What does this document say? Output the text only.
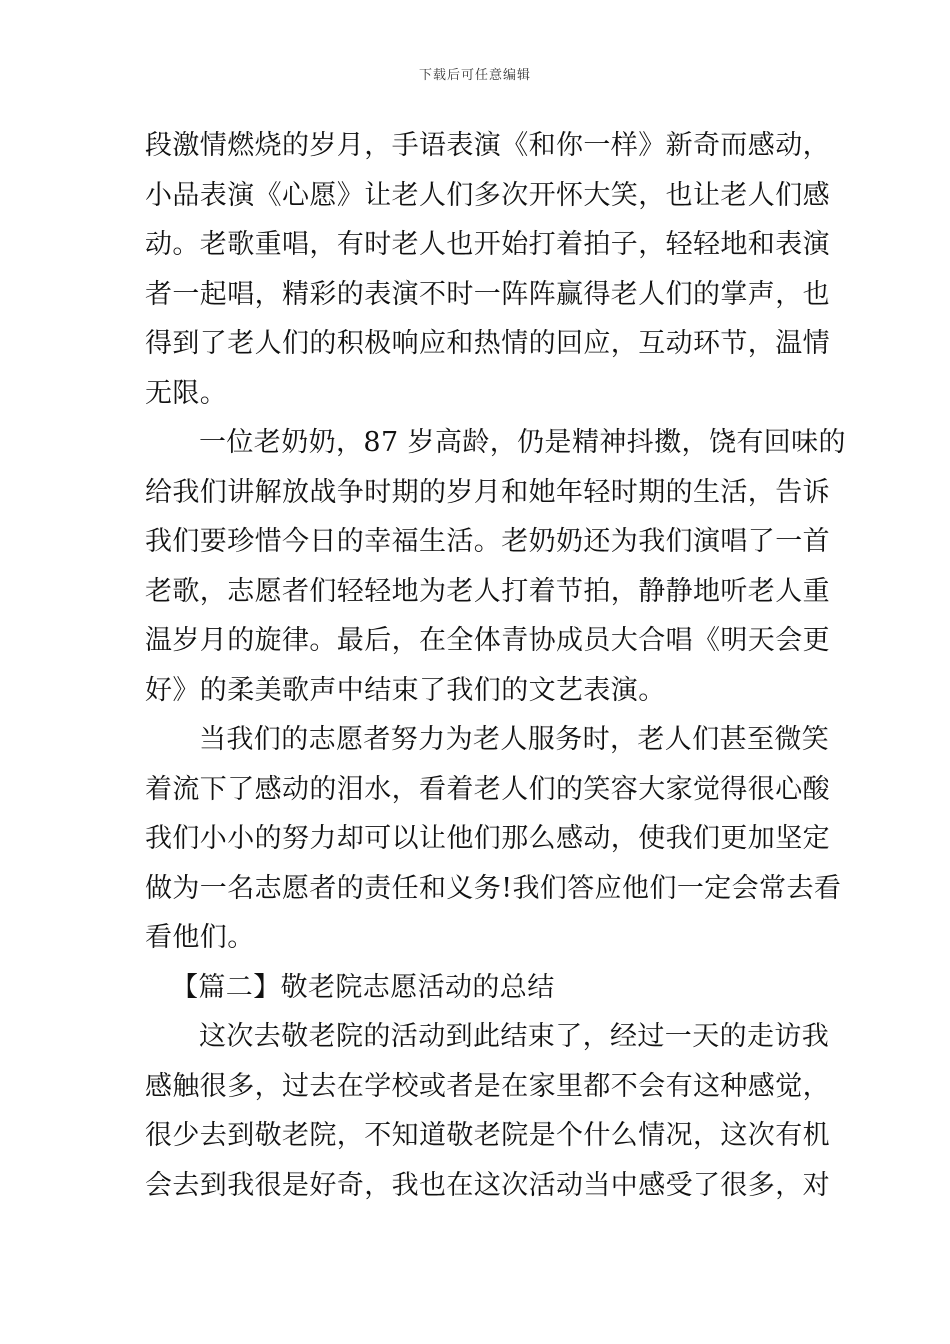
下载后可任意编辑
段激情燃烧的岁月，手语表演《和你一样》新奇而感动，
小品表演《心愿》让老人们多次开怀大笑，也让老人们感
动。老歌重唱，有时老人也开始打着拍子，轻轻地和表演
者一起唱，精彩的表演不时一阵阵赢得老人们的掌声，也
得到了老人们的积极响应和热情的回应，互动环节，温情
无限。
一位老奶奶，87 岁高龄，仍是精神抖擞，饶有回味的
给我们讲解放战争时期的岁月和她年轻时期的生活，告诉
我们要珍惜今日的幸福生活。老奶奶还为我们演唱了一首
老歌，志愿者们轻轻地为老人打着节拍，静静地听老人重
温岁月的旋律。最后，在全体青协成员大合唱《明天会更
好》的柔美歌声中结束了我们的文艺表演。
当我们的志愿者努力为老人服务时，老人们甚至微笑
着流下了感动的泪水，看着老人们的笑容大家觉得很心酸
我们小小的努力却可以让他们那么感动，使我们更加坚定
做为一名志愿者的责任和义务!我们答应他们一定会常去看
看他们。
【篇二】敬老院志愿活动的总结
这次去敬老院的活动到此结束了，经过一天的走访我
感触很多，过去在学校或者是在家里都不会有这种感觉，
很少去到敬老院，不知道敬老院是个什么情况，这次有机
会去到我很是好奇，我也在这次活动当中感受了很多，对
